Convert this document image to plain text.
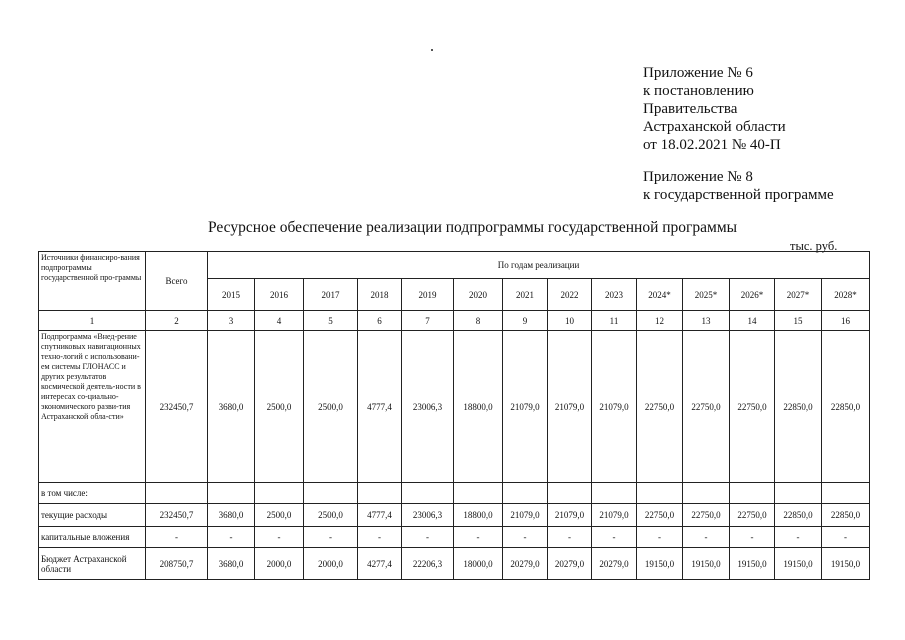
Приложение № 6
к постановлению
Правительства
Астраханской области
от 18.02.2021 № 40-П
Приложение № 8
к государственной программе
Ресурсное обеспечение реализации подпрограммы государственной программы
тыс. руб.
Источники финансиро-вания подпрограммы государственной про-граммы	Всего	По годам реализации													
		2015	2016	2017	2018	2019	2020	2021	2022	2023	2024*	2025*	2026*	2027*	2028*
1	2	3	4	5	6	7	8	9	10	11	12	13	14	15	16
Подпрограмма «Внед-рение спутниковых навигационных техно-логий с использовани-ем системы ГЛОНАСС и других результатов космической деятель-ности в интересах со-циально-экономического разви-тия Астраханской обла-сти»	232450,7	3680,0	2500,0	2500,0	4777,4	23006,3	18800,0	21079,0	21079,0	21079,0	22750,0	22750,0	22750,0	22850,0	22850,0
в том числе:															
текущие расходы	232450,7	3680,0	2500,0	2500,0	4777,4	23006,3	18800,0	21079,0	21079,0	21079,0	22750,0	22750,0	22750,0	22850,0	22850,0
капитальные вложения	-	-	-	-	-	-	-	-	-	-	-	-	-	-	-
Бюджет Астраханской области	208750,7	3680,0	2000,0	2000,0	4277,4	22206,3	18000,0	20279,0	20279,0	20279,0	19150,0	19150,0	19150,0	19150,0	19150,0
